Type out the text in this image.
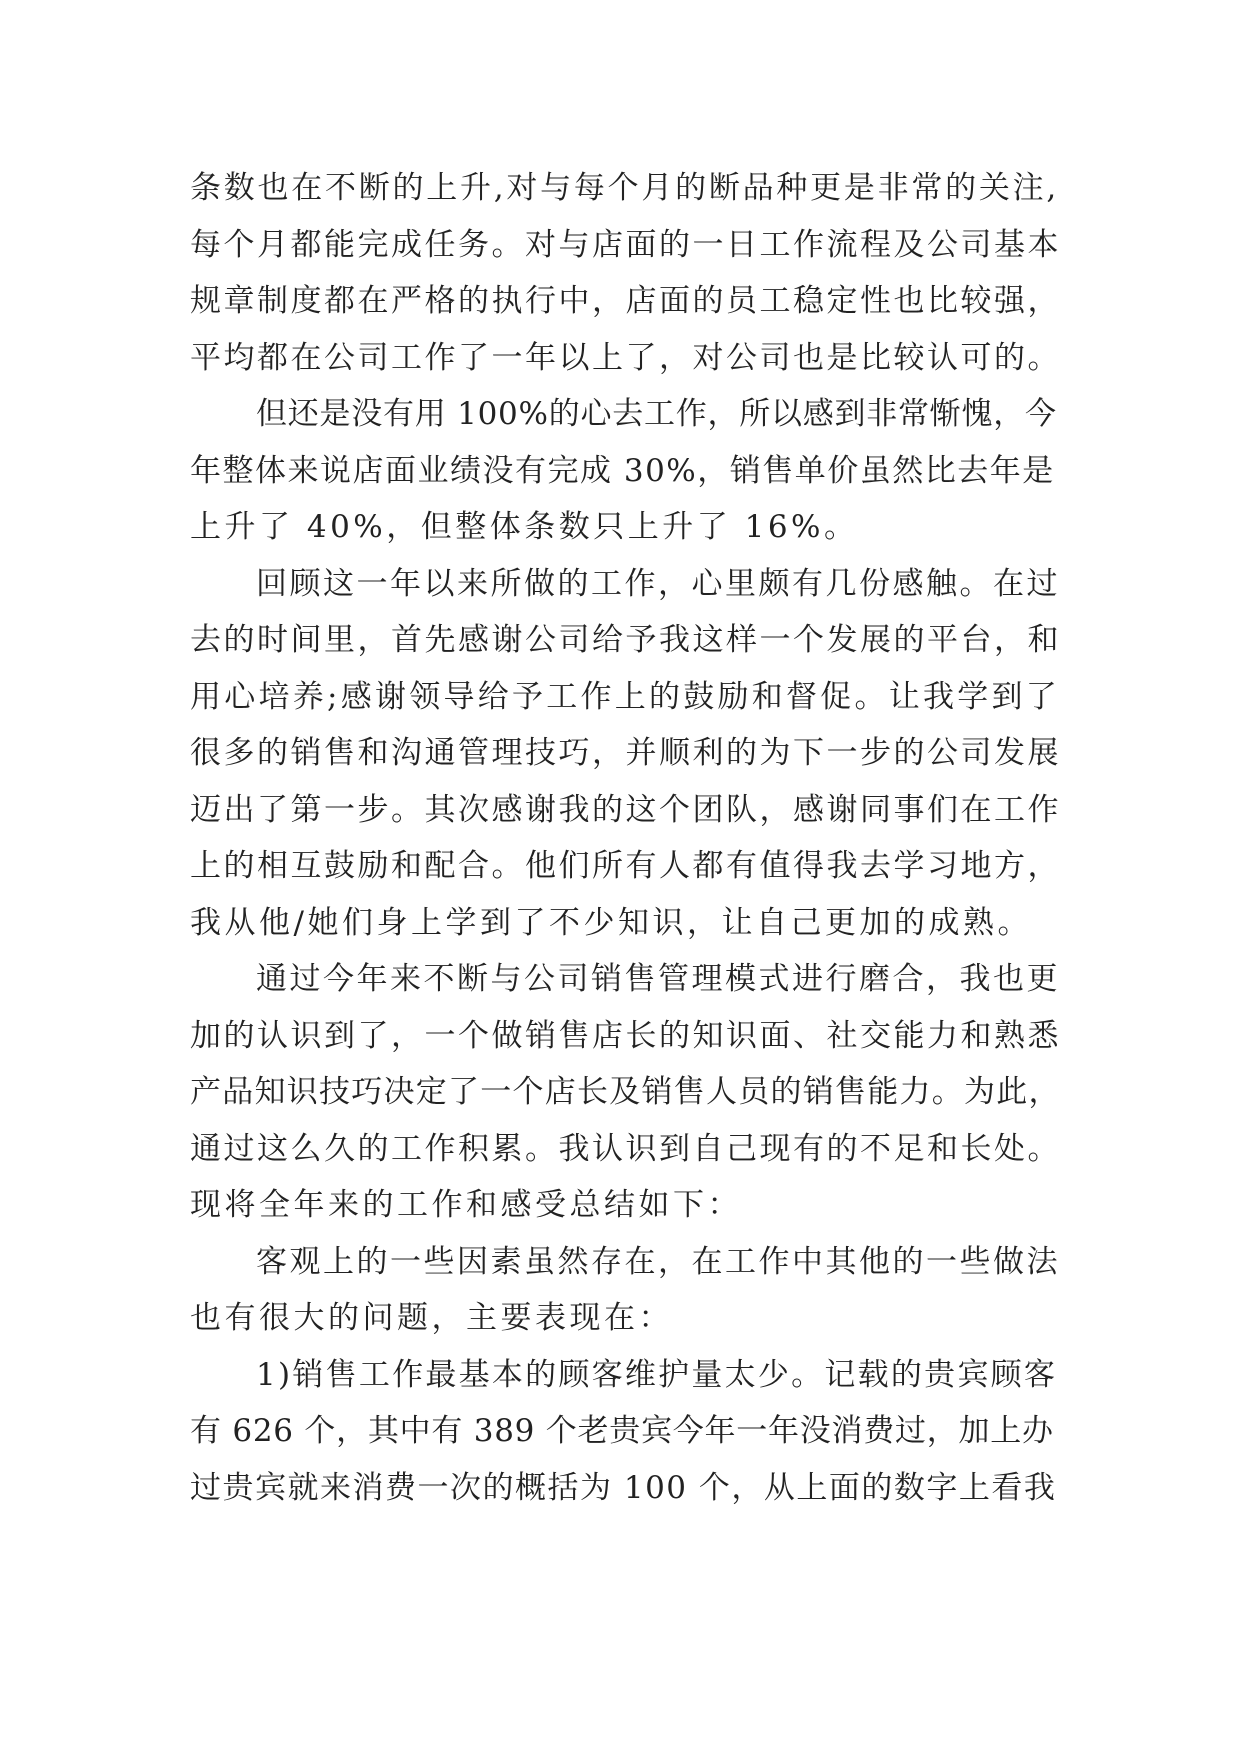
条数也在不断的上升,对与每个月的断品种更是非常的关注,

每个月都能完成任务。对与店面的一日工作流程及公司基本

规章制度都在严格的执行中，店面的员工稳定性也比较强，

平均都在公司工作了一年以上了，对公司也是比较认可的。

但还是没有用 100%的心去工作，所以感到非常惭愧，今

年整体来说店面业绩没有完成 30%，销售单价虽然比去年是

上升了 40%，但整体条数只上升了 16%。

回顾这一年以来所做的工作，心里颇有几份感触。在过

去的时间里，首先感谢公司给予我这样一个发展的平台，和

用心培养;感谢领导给予工作上的鼓励和督促。让我学到了

很多的销售和沟通管理技巧，并顺利的为下一步的公司发展

迈出了第一步。其次感谢我的这个团队，感谢同事们在工作

上的相互鼓励和配合。他们所有人都有值得我去学习地方，

我从他/她们身上学到了不少知识，让自己更加的成熟。

通过今年来不断与公司销售管理模式进行磨合，我也更

加的认识到了，一个做销售店长的知识面、社交能力和熟悉

产品知识技巧决定了一个店长及销售人员的销售能力。为此，

通过这么久的工作积累。我认识到自己现有的不足和长处。

现将全年来的工作和感受总结如下：

客观上的一些因素虽然存在，在工作中其他的一些做法

也有很大的问题，主要表现在：

1)销售工作最基本的顾客维护量太少。记载的贵宾顾客

有 626 个，其中有 389 个老贵宾今年一年没消费过，加上办

过贵宾就来消费一次的概括为 100 个，从上面的数字上看我
